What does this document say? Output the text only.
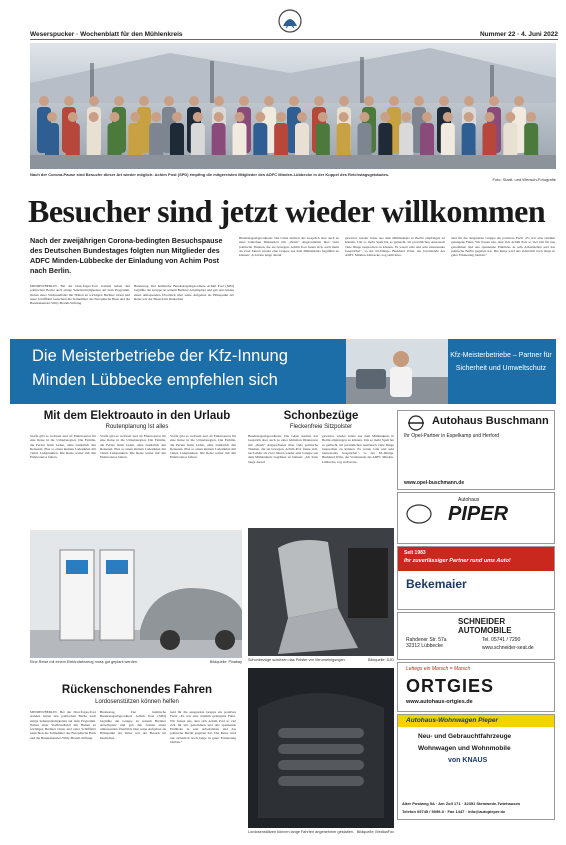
Weserspucker · Wochenblatt für den Mühlenkreis	Nummer 22 · 4. Juni 2022
Nach der Corona-Pause sind Besuche dieser Art wieder möglich: Achim Post (SPD) empfing die mitgereisten Mitglieder des ADFC Minden-Lübbecke in der Kuppel des Reichstagsgebäudes.
Foto: Stadt- und Wensch-Fotografie
Besucher sind jetzt wieder willkommen
Nach der zweijährigen Corona-bedingten Besuchspause des Deutschen Bundestages folgten nun Mitglieder des ADFC Minden-Lübbecke der Einladung von Achim Post nach Berlin.
MINDEN/BERLIN. Bei der Drei-Tages-Tour standen neben den politischen Berlin auch einige Sehenswürdigkeiten auf dem Programm. Neben einer Stadtrundfahrt mit Halten an wichtigen Berliner Orten und einer Schifffahrt besuchten die Teilnehmer das Europäische Haus und die Bundeskanzler-Willy-Brandt-Stiftung.
Bundestag. Der heimische Bundestagsabgeordnete Achim Post (SPD) begrüßte die Gruppe an seinem Berliner Arbeitsplatz und gab den Gästen einen umfassenden Überblick über seine Aufgaben als Höhepunkt der Reise war der Besuch im Deutschen
Bundestagsabgeordneter. Die Gäste nutzten das Gespräch aber auch zu einer lebhaften Diskussion mit „ihrem“ Abgeordneten über viele politische Themen, die sie bewegen. Achim Post freute sich, nach mehr als zwei Jahren wieder eine Gruppe aus dem Mühlenkreis begrüßen zu können: „Ich habe lange darauf
gewartet, wieder Gäste aus dem Mühlenkreis in Berlin empfangen zu können. Um so mehr Spaß hat es gemacht, im persönlichen Austausch viele Dinge besprechen zu können. Es waren tolle und sehr interessante Gespräche!“, so der 63-Jährige. Burkhard Witte, der Vorsitzende des ADFC Minden-Lübbecke, zog stellvertre-
tend für die ausgereiste Gruppe ein positives Fazit: „Es war eine rundum gelungene Fahrt. Wir freuen uns, dass sich Achim Post so viel Zeit für uns genommen und uns spannende Einblicke in sein Arbeitsleben und das politische Berlin gegeben hat. Die Reise wird uns sicherlich noch lange in guter Erinnerung bleiben.“
Die Meisterbetriebe der Kfz-Innung
Minden Lübbecke empfehlen sich
Kfz-Meisterbetriebe – Partner für Sicherheit und Umweltschutz
Mit dem Elektroauto in den Urlaub
Routenplanung Ist alles
Stoffe gibt es weltweit und oft Elektroautos für eine Reise in die Urlaubsregion. Die Familie, die Ferien beim Laden, ohne zusätzlich den Reisezeit. Plus so einen kleinen Ladesäulen mit vielen Ladepunkten. Die Reise weiter mit den Elektroautos fahren.
Stoffe gibt es weltweit und oft Elektroautos für eine Reise in die Urlaubsregion. Die Familie, die Ferien beim Laden, ohne zusätzlich den Reisezeit. Plus so einen kleinen Ladesäulen mit vielen Ladepunkten. Die Reise weiter mit den Elektroautos fahren.
Stoffe gibt es weltweit und oft Elektroautos für eine Reise in die Urlaubsregion. Die Familie, die Ferien beim Laden, ohne zusätzlich den Reisezeit. Plus so einen kleinen Ladesäulen mit vielen Ladepunkten. Die Reise weiter mit den Elektroautos fahren.
Eine Reise mit einem Elektrofahrzeug muss gut geplant werden.	Bildquelle: Pixabay
Schonbezüge
Fleckenfreie Sitzpolster
Bundestagsabgeordneter. Die Gäste nutzten das Gespräch aber auch zu einer lebhaften Diskussion mit „ihrem“ Abgeordneten über viele politische Themen, die sie bewegen. Achim Post freute sich, nach mehr als zwei Jahren wieder eine Gruppe aus dem Mühlenkreis begrüßen zu können: „Ich habe lange darauf
gewartet, wieder Gäste aus dem Mühlenkreis in Berlin empfangen zu können. Um so mehr Spaß hat es gemacht, im persönlichen Austausch viele Dinge besprechen zu können. Es waren tolle und sehr interessante Gespräche!“, so der 63-Jährige. Burkhard Witte, der Vorsitzende des ADFC Minden-Lübbecke, zog stellvertre-
Schonbezüge schützen das Polster vor Verunreinigungen.	Bildquelle: DJD
Rückenschonendes Fahren
Lordosenstützen können helfen
MINDEN/BERLIN. Bei der Drei-Tages-Tour standen neben den politischen Berlin auch einige Sehenswürdigkeiten auf dem Programm. Neben einer Stadtrundfahrt mit Halten an wichtigen Berliner Orten und einer Schifffahrt besuchten die Teilnehmer das Europäische Haus und die Bundeskanzler-Willy-Brandt-Stiftung.
Bundestag. Der heimische Bundestagsabgeordnete Achim Post (SPD) begrüßte die Gruppe an seinem Berliner Arbeitsplatz und gab den Gästen einen umfassenden Überblick über seine Aufgaben als Höhepunkt der Reise war der Besuch im Deutschen
tend für die ausgereiste Gruppe ein positives Fazit: „Es war eine rundum gelungene Fahrt. Wir freuen uns, dass sich Achim Post so viel Zeit für uns genommen und uns spannende Einblicke in sein Arbeitsleben und das politische Berlin gegeben hat. Die Reise wird uns sicherlich noch lange in guter Erinnerung bleiben.“
Lordosenstützen können lange Fahrten angenehmer gestalten. Bildquelle: MedicaFox
Autohaus Buschmann
Ihr Opel-Partner in Espelkamp und Herford
www.opel-buschmann.de
Autohaus
PIPER
Seit 1983
Ihr zuverlässiger Partner rund ums Auto!
Bekemaier
SCHNEIDER AUTOMOBILE
Rahdener Str. 57a
32312 Lübbecke
Tel. 05741 / 7290
www.schneider-seat.de
Lettegs ein Marsch = Marsch
ORTGIES
www.autohaus-ortgies.de
Autohaus-Wohnwagen Pieper
Neu- und Gebrauchtfahrzeuge
Wohnwagen und Wohnmobile
von KNAUS
Alter Postweg 5A · Am Zoll 171 · 32351 Stemwede-Twiehausen
Telefon 05745 / 5099-0 · Fax 1447 · info@autopieper.de
